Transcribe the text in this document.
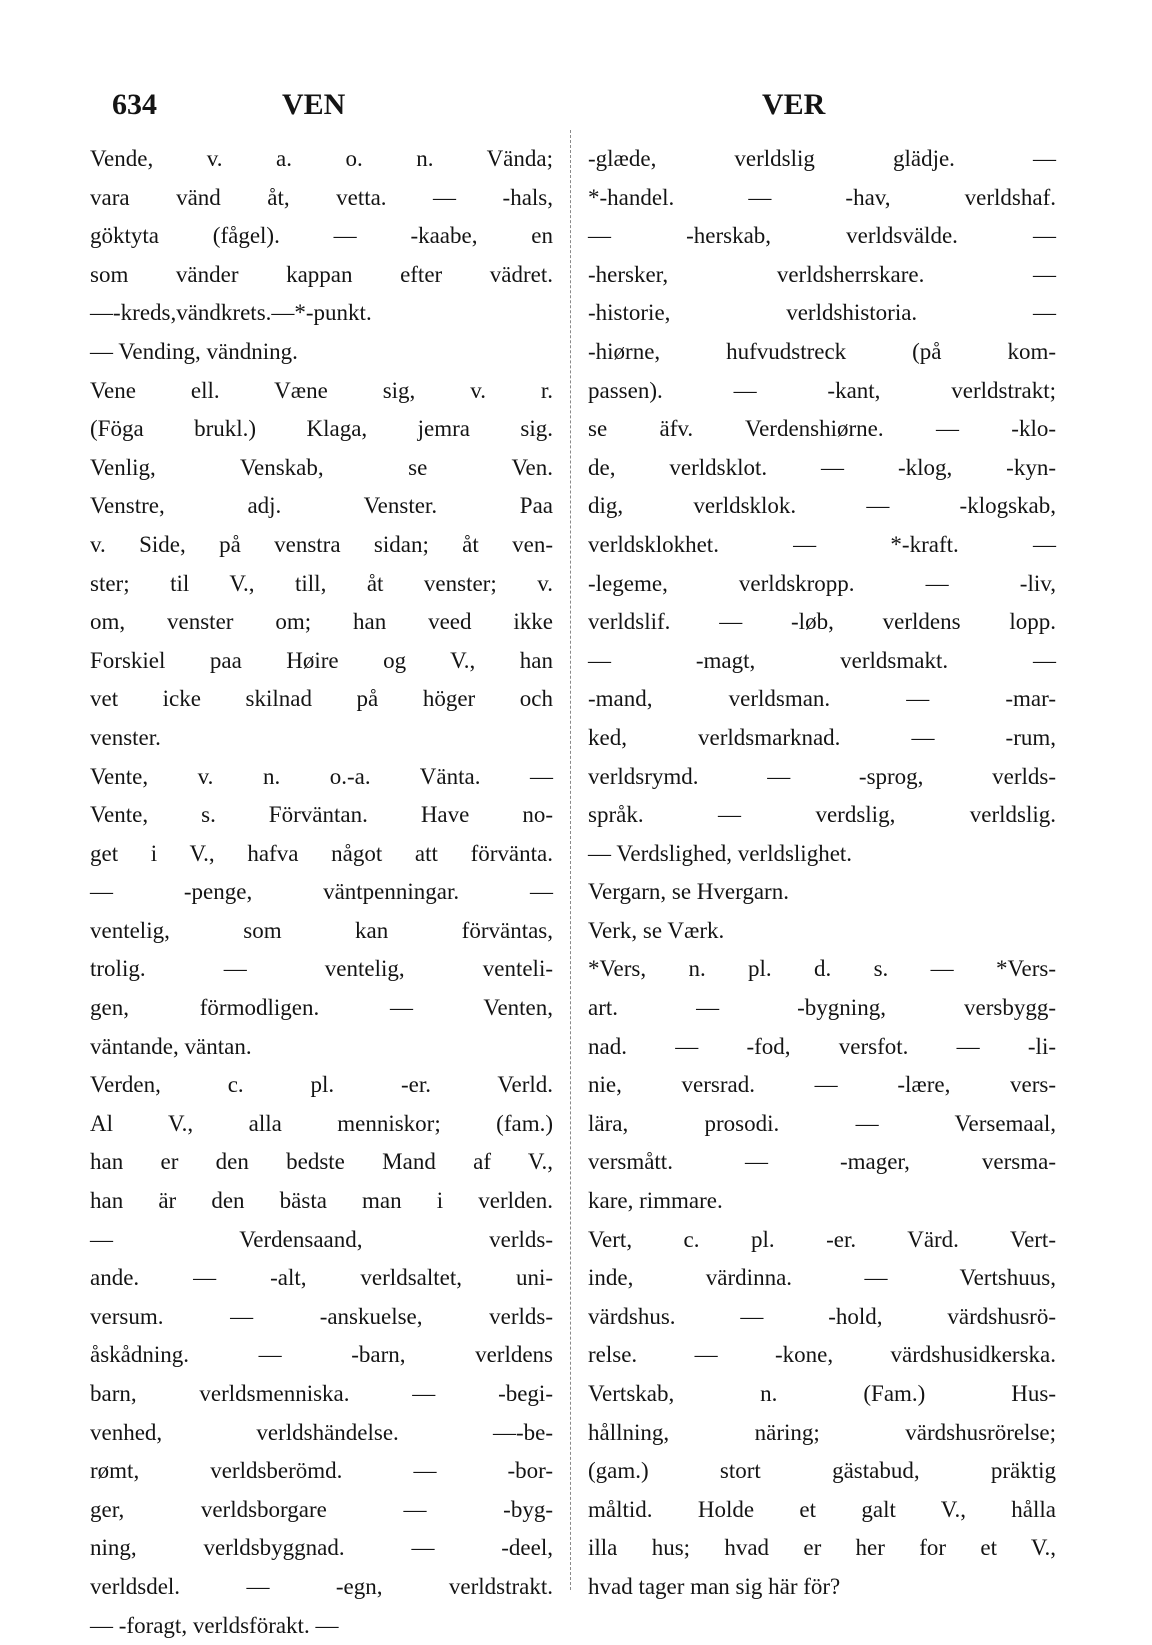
634	VEN	VER
Vende, v. a. o. n. Vända;
vara vänd åt, vetta. — -hals,
göktyta (fågel). — -kaabe, en
som vänder kappan efter vädret.
—-kreds,vändkrets.—*-punkt.
— Vending, vändning.
Vene ell. Væne sig, v. r.
(Föga brukl.) Klaga, jemra sig.
Venlig, Venskab, se Ven.
Venstre, adj. Venster. Paa
v. Side, på venstra sidan; åt ven-
ster; til V., till, åt venster; v.
om, venster om; han veed ikke
Forskiel paa Høire og V., han
vet icke skilnad på höger och
venster.
Vente, v. n. o.-a. Vänta. —
Vente, s. Förväntan. Have no-
get i V., hafva något att förvänta.
— -penge, väntpenningar. —
ventelig, som kan förväntas,
trolig. — ventelig, venteli-
gen, förmodligen. — Venten,
väntande, väntan.
Verden, c. pl. -er. Verld.
Al V., alla menniskor; (fam.)
han er den bedste Mand af V.,
han är den bästa man i verlden.
— Verdensaand, verlds-
ande. — -alt, verldsaltet, uni-
versum. — -anskuelse, verlds-
åskådning. — -barn, verldens
barn, verldsmenniska. — -begi-
venhed, verldshändelse. —-be-
rømt, verldsberömd. — -bor-
ger, verldsborgare — -byg-
ning, verldsbyggnad. — -deel,
verldsdel. — -egn, verldstrakt.
— -foragt, verldsförakt. —
-glæde, verldslig glädje. —
*-handel. — -hav, verldshaf.
— -herskab, verldsvälde. —
-hersker, verldsherrskare. —
-historie, verldshistoria. —
-hiørne, hufvudstreck (på kom-
passen). — -kant, verldstrakt;
se äfv. Verdenshiørne. — -klo-
de, verldsklot. — -klog, -kyn-
dig, verldsklok. — -klogskab,
verldsklokhet. — *-kraft. —
-legeme, verldskropp. — -liv,
verldslif. — -løb, verldens lopp.
— -magt, verldsmakt. —
-mand, verldsman. — -mar-
ked, verldsmarknad. — -rum,
verldsrymd. — -sprog, verlds-
språk. — verdslig, verldslig.
— Verdslighed, verldslighet.
Vergarn, se Hvergarn.
Verk, se Værk.
*Vers, n. pl. d. s. — *Vers-
art. — -bygning, versbygg-
nad. — -fod, versfot. — -li-
nie, versrad. — -lære, vers-
lära, prosodi. — Versemaal,
versmått. — -mager, versma-
kare, rimmare.
Vert, c. pl. -er. Värd. Vert-
inde, värdinna. — Vertshuus,
värdshus. — -hold, värdshusrö-
relse. — -kone, värdshusidkerska.
Vertskab, n. (Fam.) Hus-
hållning, näring; värdshusrörelse;
(gam.) stort gästabud, präktig
måltid. Holde et galt V., hålla
illa hus; hvad er her for et V.,
hvad tager man sig här för?
